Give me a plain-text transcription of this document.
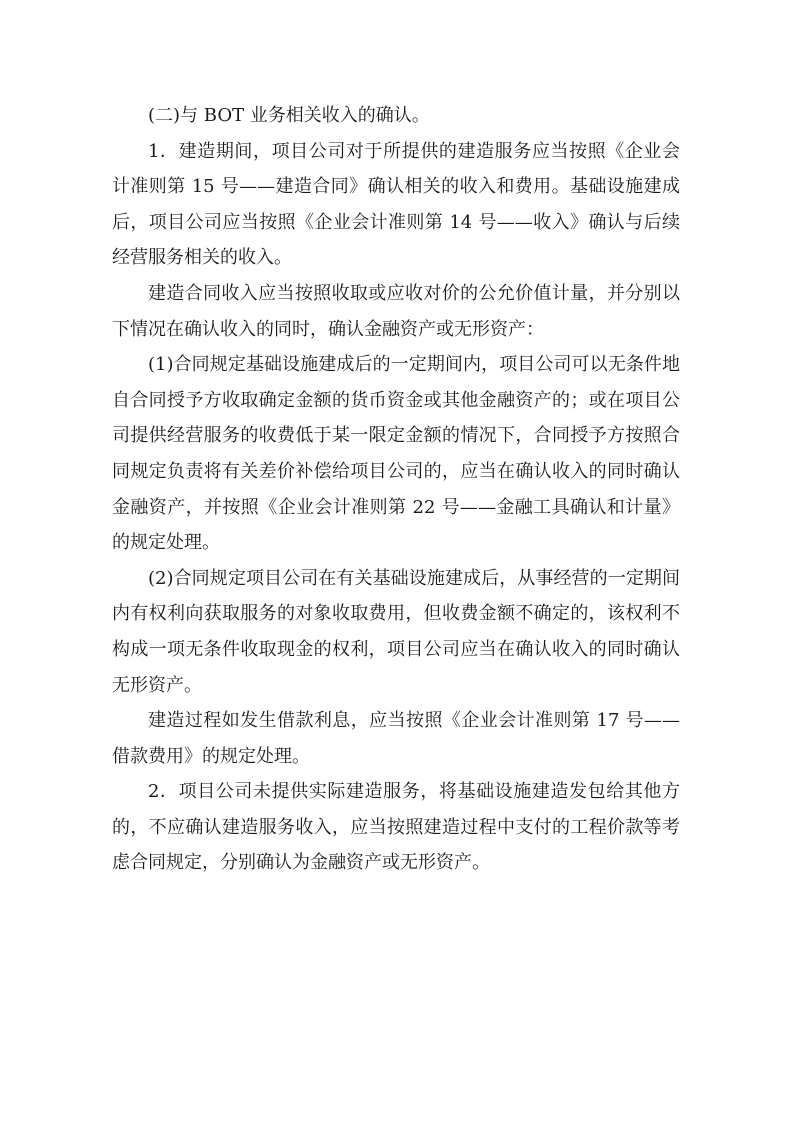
(二)与 BOT 业务相关收入的确认。

1．建造期间，项目公司对于所提供的建造服务应当按照《企业会计准则第 15 号——建造合同》确认相关的收入和费用。基础设施建成后，项目公司应当按照《企业会计准则第 14 号——收入》确认与后续经营服务相关的收入。

建造合同收入应当按照收取或应收对价的公允价值计量，并分别以下情况在确认收入的同时，确认金融资产或无形资产：

(1)合同规定基础设施建成后的一定期间内，项目公司可以无条件地自合同授予方收取确定金额的货币资金或其他金融资产的；或在项目公司提供经营服务的收费低于某一限定金额的情况下，合同授予方按照合同规定负责将有关差价补偿给项目公司的，应当在确认收入的同时确认金融资产，并按照《企业会计准则第 22 号——金融工具确认和计量》的规定处理。

(2)合同规定项目公司在有关基础设施建成后，从事经营的一定期间内有权利向获取服务的对象收取费用，但收费金额不确定的，该权利不构成一项无条件收取现金的权利，项目公司应当在确认收入的同时确认无形资产。

建造过程如发生借款利息，应当按照《企业会计准则第 17 号——借款费用》的规定处理。

2．项目公司未提供实际建造服务，将基础设施建造发包给其他方的，不应确认建造服务收入，应当按照建造过程中支付的工程价款等考虑合同规定，分别确认为金融资产或无形资产。
